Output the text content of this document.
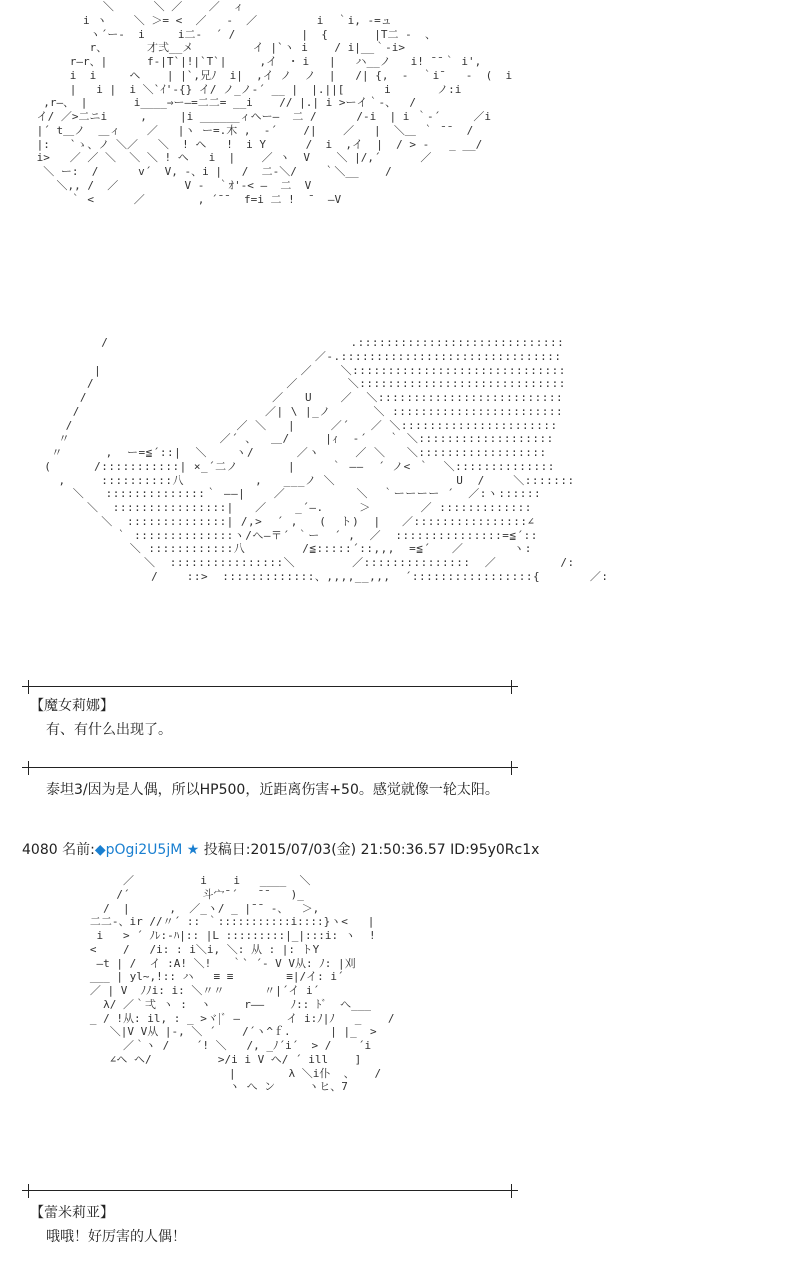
＼      ＼ ／    ／  ィ
i ヽ    ＼ ＞= <  ／   -  ／         i  ｀i, -=ュ
ヽ´ー-  i     i二-  ´ /          |  {       |T二 -  、
r、      才弍__メ         イ |`ヽ i    / i|__｀-i>
r―r、|      f-|T`|!|`T`|     ,イ  ･ i   |   ハ__ノ   i! ¯¯｀ i',
i  i     ヘ    | |`,兄ﾉ  i|  ,イ ノ  ノ  |   /| {,  -  ｀i¯   -  (  i
|   i |  i ＼`ｲ'-{} イ/ ノ_ノ-´ __ |  |.||[      i       ノ:i
,r―、 |       i____⇒ー―=二二= __i    // |.| i >ーイ｀-、  /
イ/ ／>二ニi     ,     |i ______ィヘー―  二 /      /-i  | i ｀-´     ／i
|´ t＿ノ  ＿ィ    ／   |ヽ ー=.木 ,  -´    /|    ／   |  ＼＿ ｀ ¯¯  /
|:   `ゝ、ノ ＼／   ＼  ! ヘ   !  i Y      /  i  ,イ  |  / > -   _ __/
i>   ／ ／ ＼  ＼ ＼ ! ヘ   i  |    ／ ヽ  V    ＼ |/,´      ／
＼ ー:  /      v´  V, -、i |   /  二-＼/    ｀＼__    /
＼,, /  ／          V -  ｀ｵ'-< ―  二  V
｀ <      ／        , ´¯¯  f=i 二 !  ¯  ―V
/                                  .:::::::::::::::::::::::::::::
／-.:::::::::::::::::::::::::::::::
|                            ／    ＼::::::::::::::::::::::::::::::
/                           ／       ＼:::::::::::::::::::::::::::::
/                          ／   U    ／  ＼::::::::::::::::::::::::::
/                          ／| \ |_ノ      ＼ ::::::::::::::::::::::::
/                       ／ ＼   |     ／´   ／ ＼::::::::::::::::::::::
〃                     ／´ 、  ＿/     |ｨ  -´   ｀ ＼:::::::::::::::::::
〃      ,  ー=≦´::|  ＼    ヽ/      ／ヽ     ／ ＼   ＼::::::::::::::::::
(      /:::::::::::| ×_´二ノ       |     ｀ ――  ´ ノ< ｀  ＼::::::::::::::
,     ::::::::::八          ,   ___ノ ＼                 U  /    ＼:::::::
＼   ::::::::::::::｀ ――|    ／          ＼  ｀ーーーー ´  ／:ヽ::::::
＼  ::::::::::::::::|   ／    _´―.     ＞       ／ :::::::::::::
＼  ::::::::::::::| /,>  ´ ,   (  ト)  |   ／::::::::::::::::∠
｀ ::::::::::::::ヽ/へ―〒´ ｀ー  ´ ,  ／  :::::::::::::::=≦´::
＼ ::::::::::::八        /≦:::::´::,,,  =≦´   ／       ヽ:
＼  ::::::::::::::::＼        ／:::::::::::::::  ／         /:
/    ::>  :::::::::::::、,,,,__,,,  ´:::::::::::::::::{       ／:
【魔女莉娜】
有、有什么出现了。
泰坦3/因为是人偶，所以HP500，近距离伤害+50。感觉就像一轮太阳。
4080 名前:◆pOgi2U5jM ★ 投稿日:2015/07/03(金) 21:50:36.57 ID:95y0Rc1x
／          i    i   ____  ＼
/´           斗宀¯´   ¯¯   )_
/  |      ,  ／_ヽ/ _ |¯¯ -、  ＞,
二二-、ir //〃´ :: ｀:::::::::::i::::}ヽ<   |
i   > ´ ﾉﾚ:-ﾊ|:: |L :::::::::|_|:::i: ヽ  !
<    /   /i: : i＼i, ＼: 从 : |: トY
―t | /  イ :A! ＼!   ｀` ´- V V从: ﾉ: |刈
___ | yl~,!:: ハ   ≡ ≡        ≡|/イ: i´
／ | V  ﾉﾉi: i: ＼〃〃      〃|´イ i´
λ/ ／｀弌 ヽ :  ヽ     r――    ﾉ:: ﾄﾞ  へ___
_ / !从: il, : _ >ヾ|ﾞ ―       イ i:ﾉ|ﾉ   _    /
＼|V V从 |-, ＼ ´    /´ヽ^ｆ.      | |_  >
／｀ヽ /    ´! ＼   /, _ﾉ´i´  > /    ´i
∠ヘ ヘ/          >/i i V ヘ/ ´ ill    ]
|        λ ＼i仆  、   /
ヽ へ ン     ヽヒ、7
【蕾米莉亚】
哦哦！好厉害的人偶！
